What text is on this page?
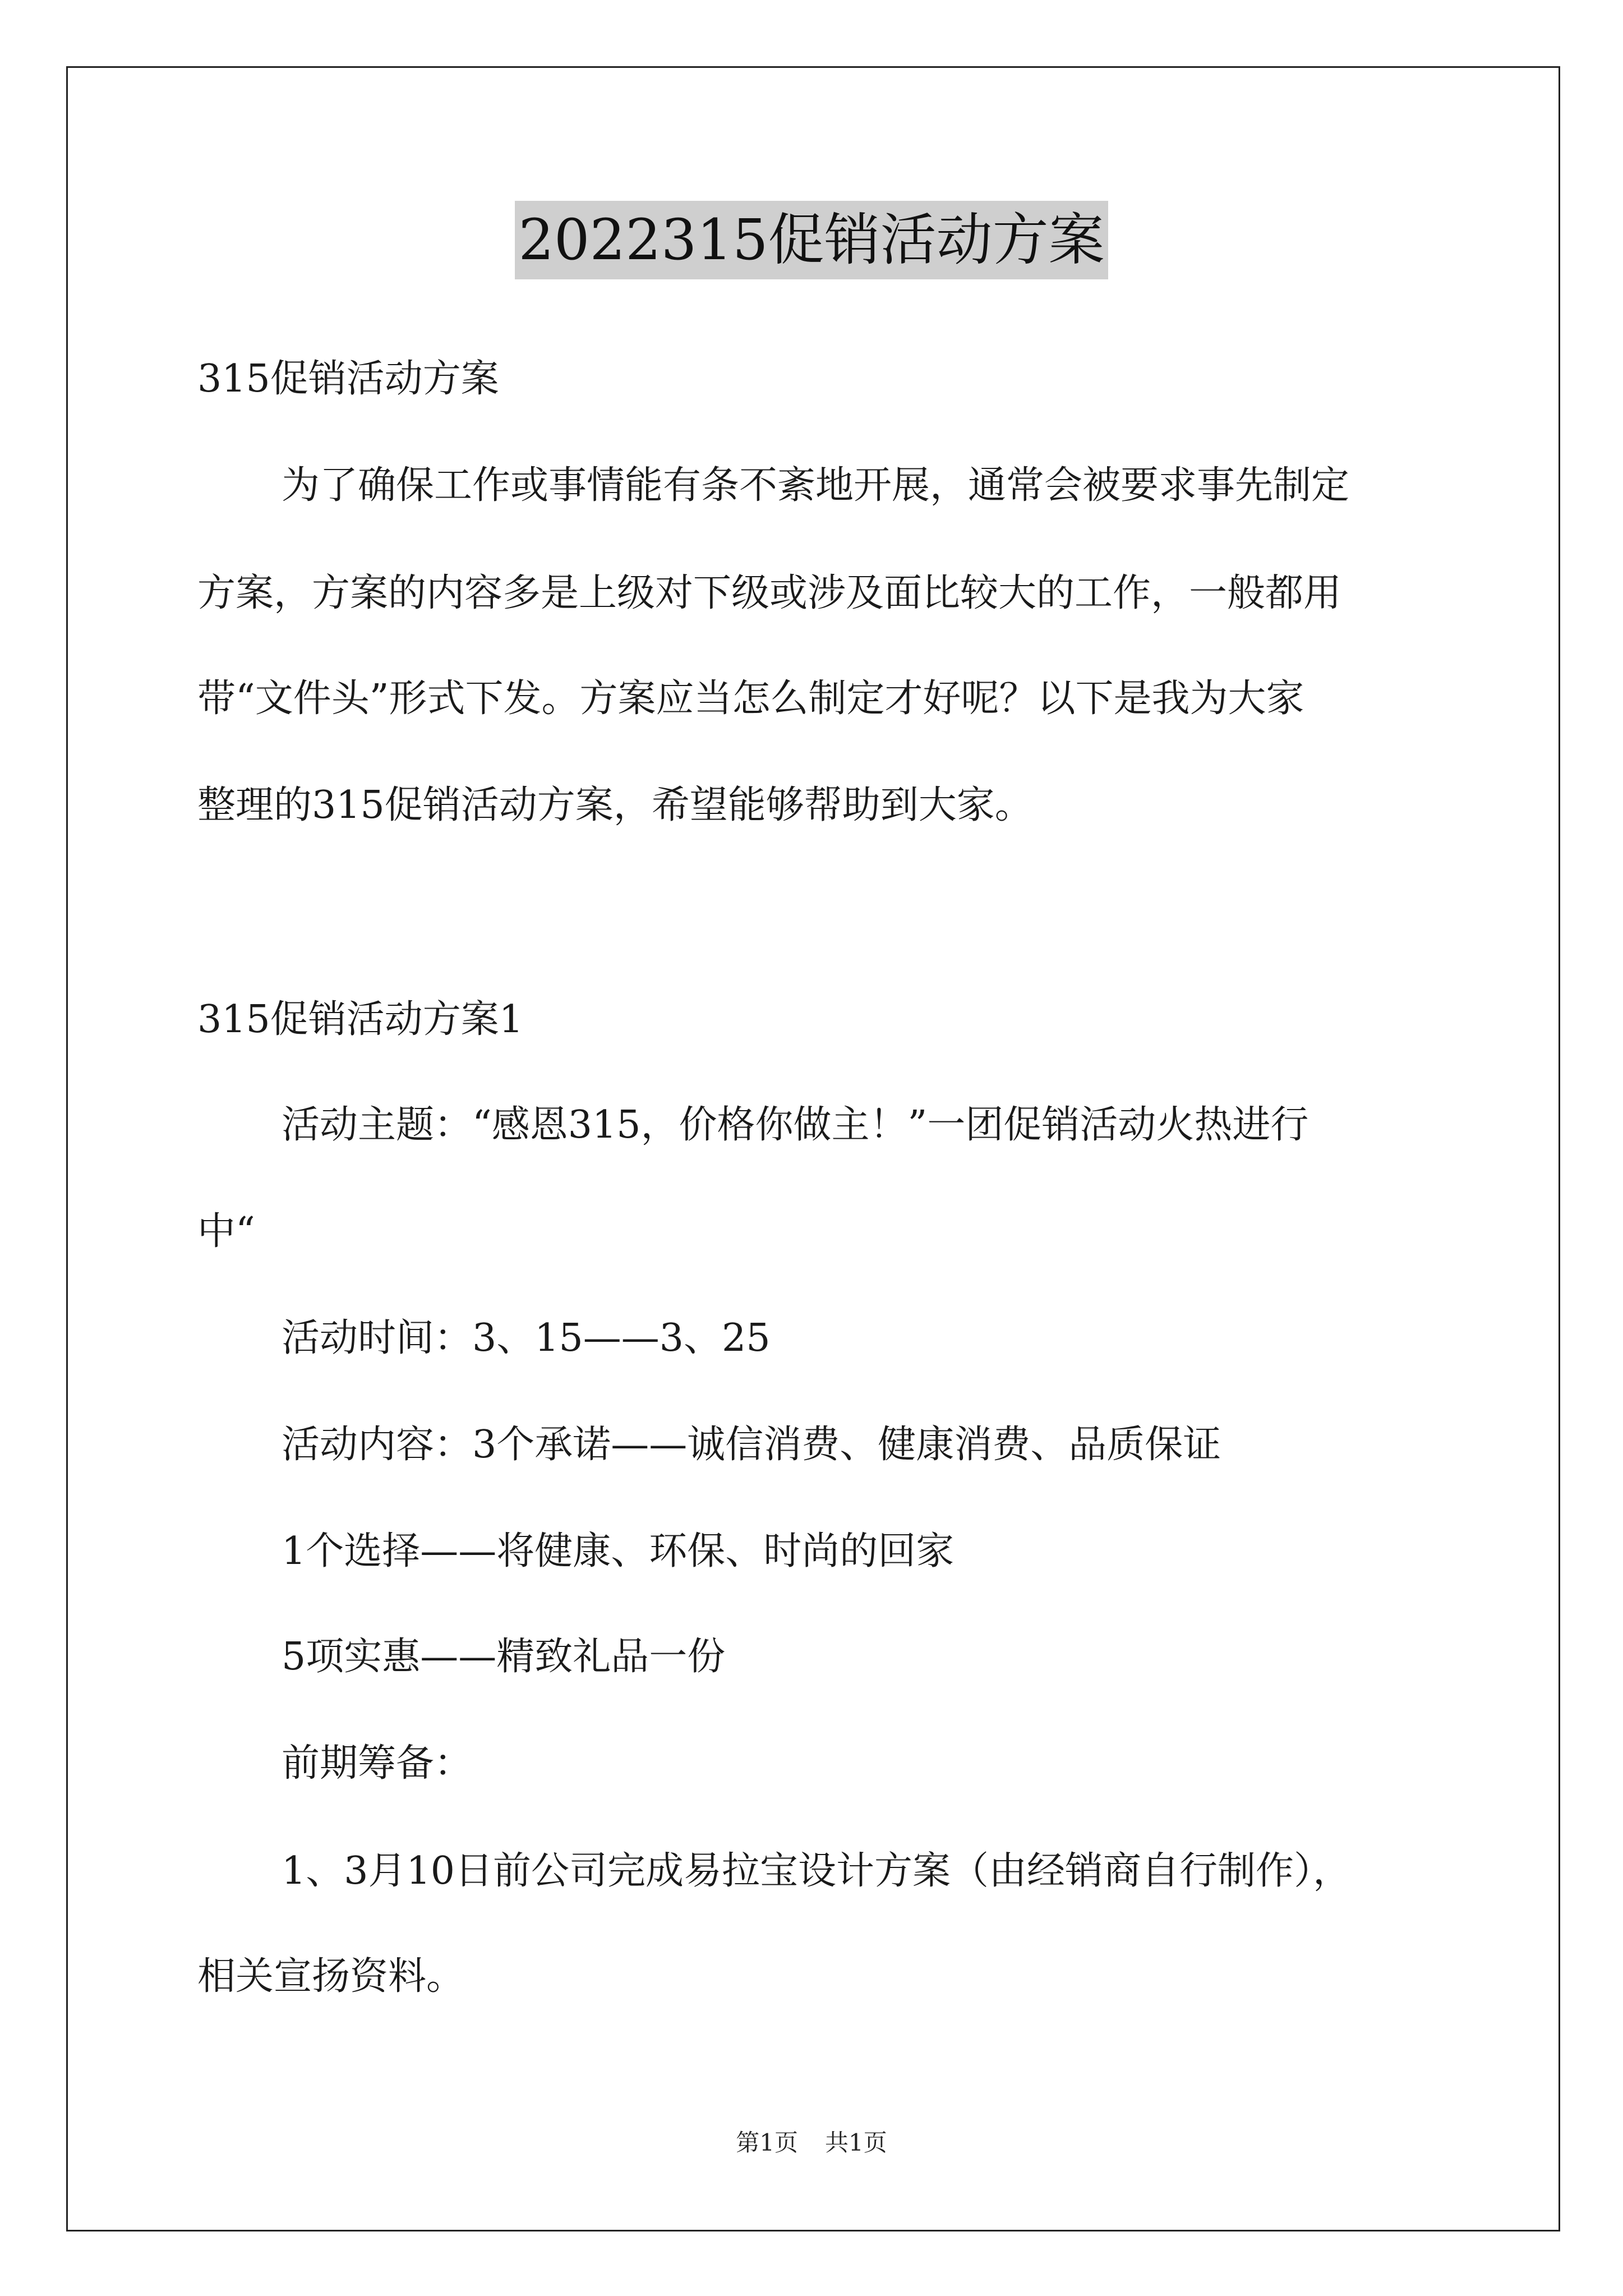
2022315促销活动方案

315促销活动方案

为了确保工作或事情能有条不紊地开展，通常会被要求事先制定

方案，方案的内容多是上级对下级或涉及面比较大的工作，一般都用

带“文件头”形式下发。方案应当怎么制定才好呢？以下是我为大家

整理的315促销活动方案，希望能够帮助到大家。

315促销活动方案1

活动主题：“感恩315，价格你做主！”一团促销活动火热进行

中“

活动时间：3、15——3、25

活动内容：3个承诺——诚信消费、健康消费、品质保证

1个选择——将健康、环保、时尚的回家

5项实惠——精致礼品一份

前期筹备：

1、3月10日前公司完成易拉宝设计方案（由经销商自行制作），

相关宣扬资料。

第1页 共1页
